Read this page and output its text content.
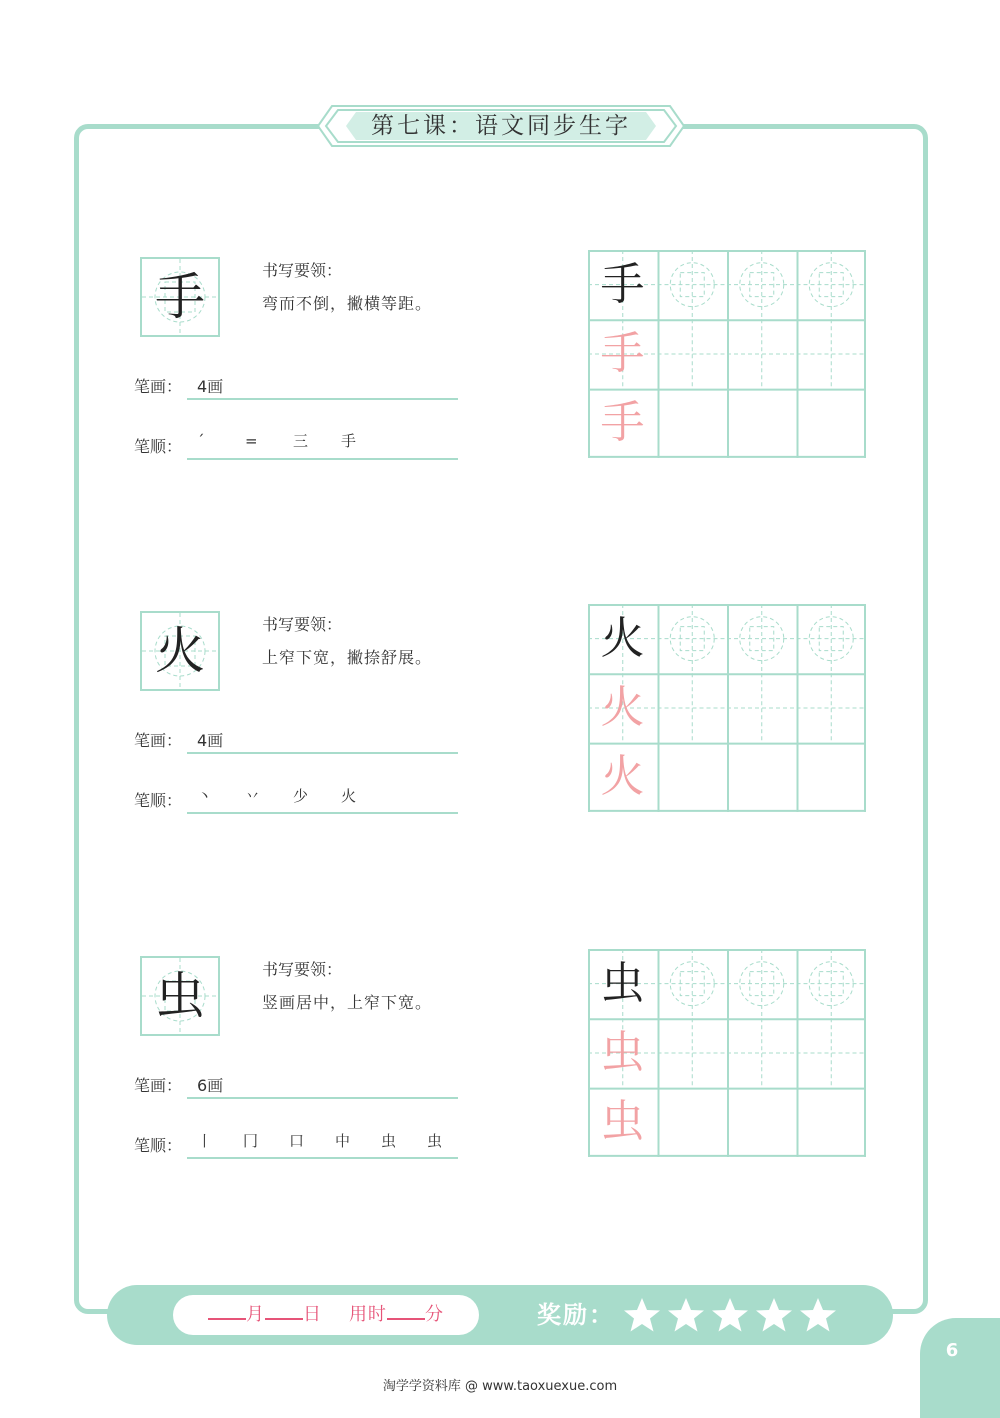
第七课：语文同步生字
手	书写要领：
弯而不倒，撇横等距。
笔画： 4画
笔顺： ˊ	= 三 手
手
手
手
火	书写要领：
上窄下宽，撇捺舒展。
笔画： 4画
笔顺： 丶 丷 少 火
火
火
火
虫	书写要领：
竖画居中，上窄下宽。
笔画： 6画
笔顺： 丨 冂 口 中 虫 虫
虫
虫
虫
月 日 用时 分	奖励：
6
淘学学资料库 @ www.taoxuexue.com
